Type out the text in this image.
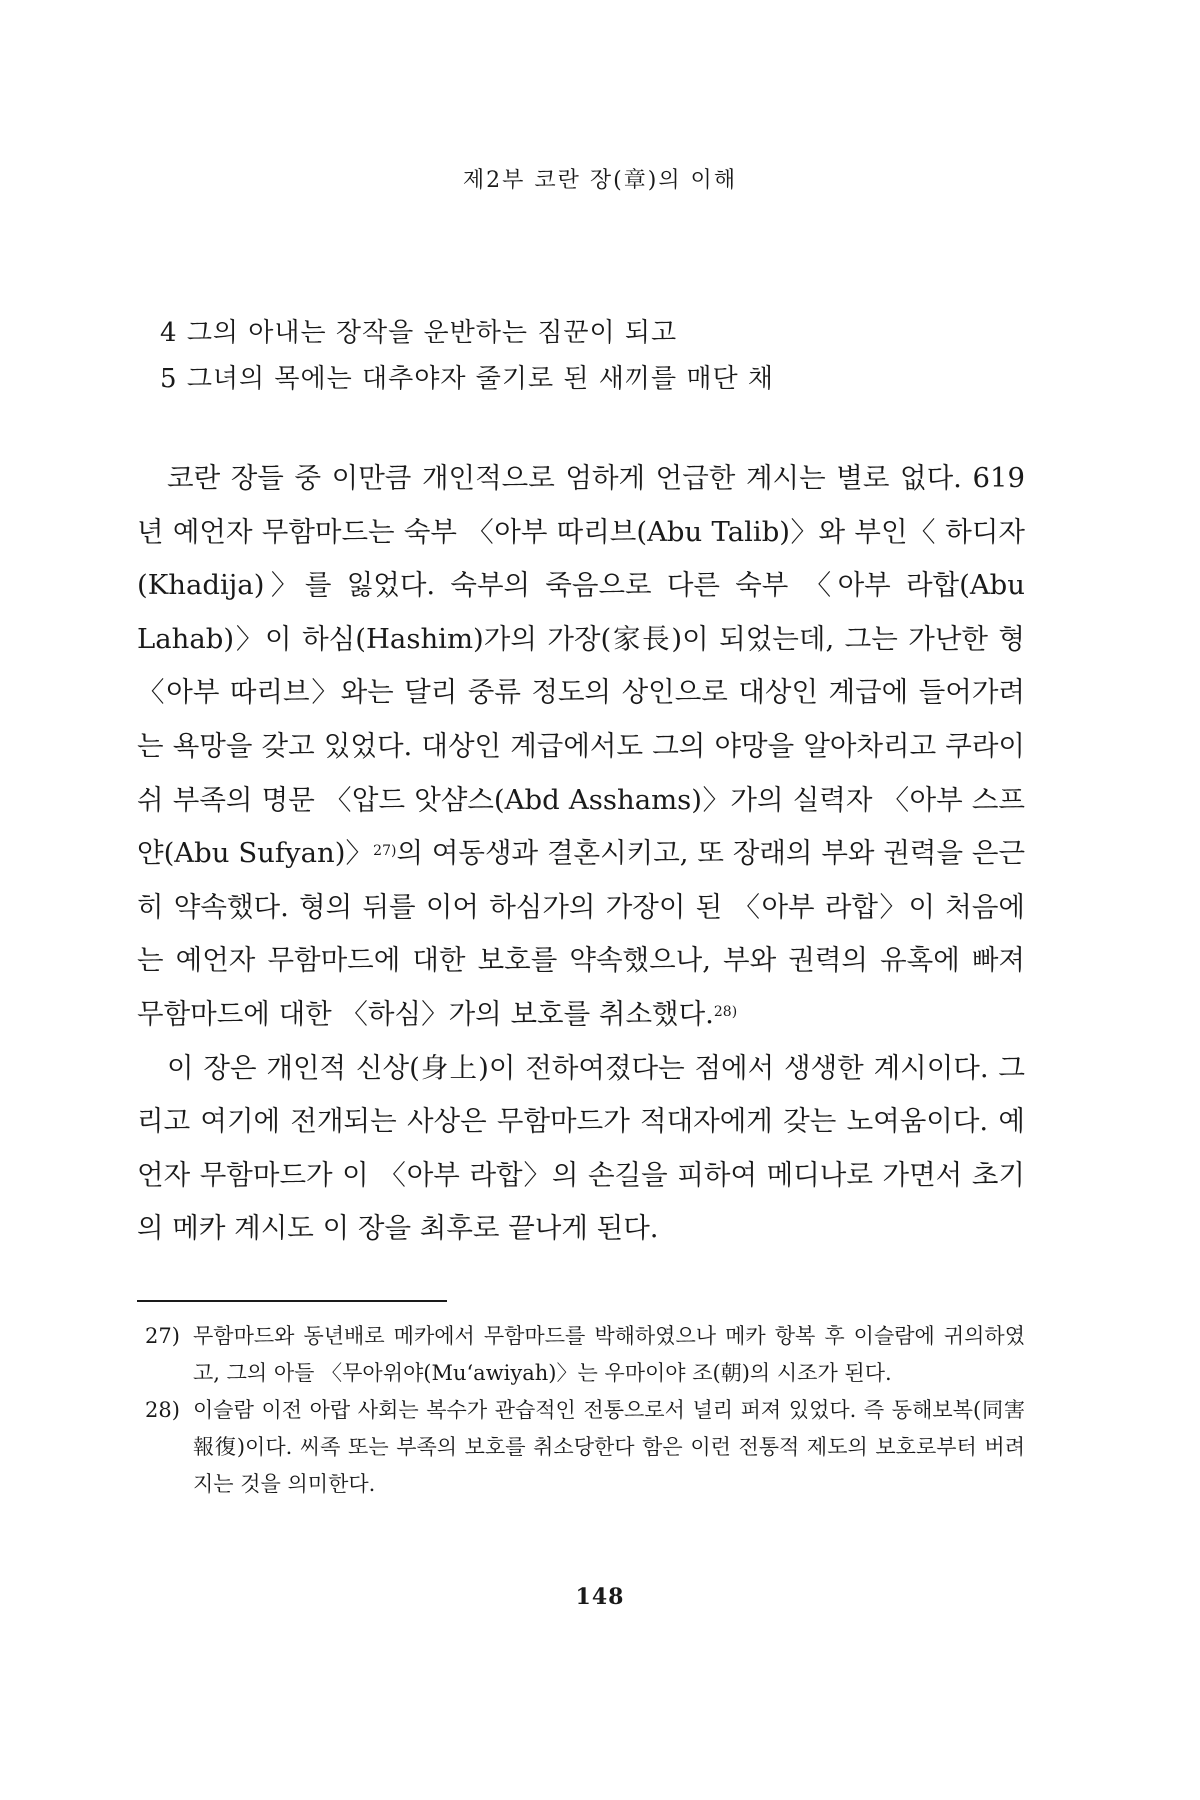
제2부 코란 장(章)의 이해
4 그의 아내는 장작을 운반하는 짐꾼이 되고
5 그녀의 목에는 대추야자 줄기로 된 새끼를 매단 채

코란 장들 중 이만큼 개인적으로 엄하게 언급한 계시는 별로 없다. 619년 예언자 무함마드는 숙부 〈아부 따리브(Abu Talib)〉와 부인〈 하디자(Khadija)〉를 잃었다. 숙부의 죽음으로 다른 숙부 〈아부 라합(Abu Lahab)〉이 하심(Hashim)가의 가장(家長)이 되었는데, 그는 가난한 형〈아부 따리브〉와는 달리 중류 정도의 상인으로 대상인 계급에 들어가려는 욕망을 갖고 있었다. 대상인 계급에서도 그의 야망을 알아차리고 쿠라이쉬 부족의 명문 〈압드 앗샴스(Abd Asshams)〉가의 실력자 〈아부 스프얀(Abu Sufyan)〉$^{27)}$의 여동생과 결혼시키고, 또 장래의 부와 권력을 은근히 약속했다. 형의 뒤를 이어 하심가의 가장이 된 〈아부 라합〉이 처음에는 예언자 무함마드에 대한 보호를 약속했으나, 부와 권력의 유혹에 빠져 무함마드에 대한 〈하심〉가의 보호를 취소했다.$^{28)}$

이 장은 개인적 신상(身上)이 전하여졌다는 점에서 생생한 계시이다. 그리고 여기에 전개되는 사상은 무함마드가 적대자에게 갖는 노여움이다. 예언자 무함마드가 이 〈아부 라합〉의 손길을 피하여 메디나로 가면서 초기의 메카 계시도 이 장을 최후로 끝나게 된다.

27) 무함마드와 동년배로 메카에서 무함마드를 박해하였으나 메카 항복 후 이슬람에 귀의하였고, 그의 아들 〈무아위야(Mu‘awiyah)〉는 우마이야 조(朝)의 시조가 된다.
28) 이슬람 이전 아랍 사회는 복수가 관습적인 전통으로서 널리 퍼져 있었다. 즉 동해보복(同害報復)이다. 씨족 또는 부족의 보호를 취소당한다 함은 이런 전통적 제도의 보호로부터 버려지는 것을 의미한다.
148
